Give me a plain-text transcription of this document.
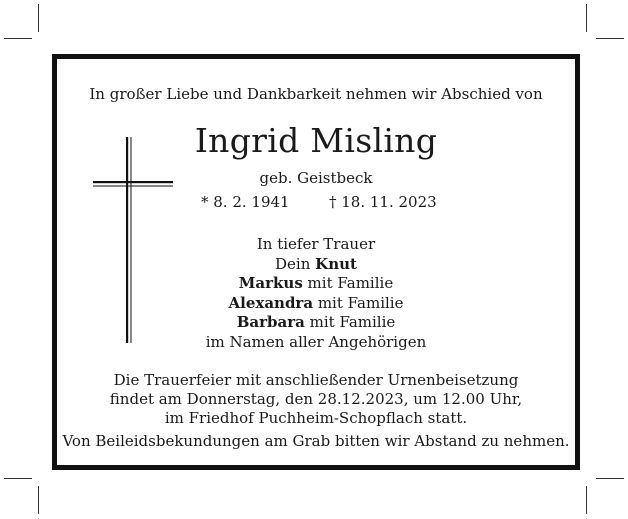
In großer Liebe und Dankbarkeit nehmen wir Abschied von
Ingrid Misling
geb. Geistbeck
* 8. 2. 1941	† 18. 11. 2023
In tiefer Trauer
Dein Knut
Markus mit Familie
Alexandra mit Familie
Barbara mit Familie
im Namen aller Angehörigen
Die Trauerfeier mit anschließender Urnenbeisetzung
findet am Donnerstag, den 28.12.2023, um 12.00 Uhr,
im Friedhof Puchheim-Schopflach statt.
Von Beileidsbekundungen am Grab bitten wir Abstand zu nehmen.
